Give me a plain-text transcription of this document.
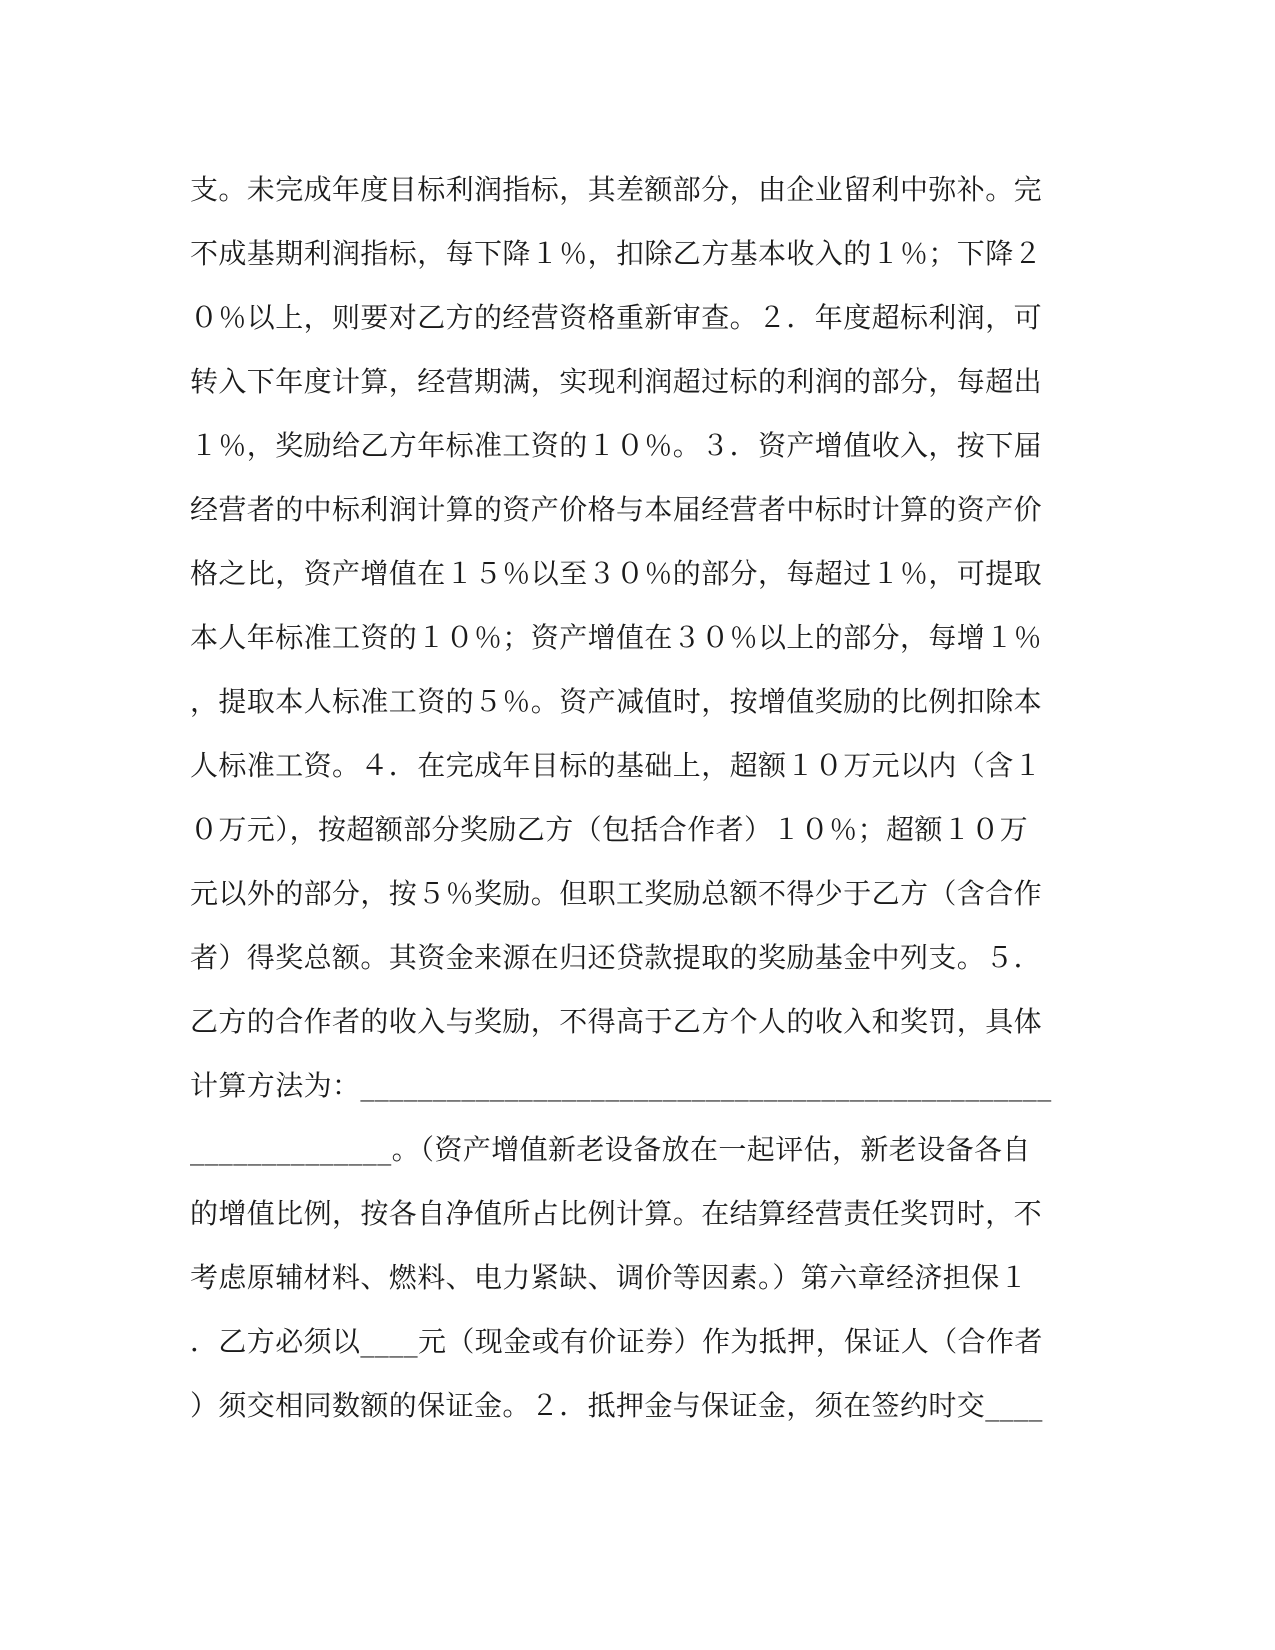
支。未完成年度目标利润指标，其差额部分，由企业留利中弥补。完
不成基期利润指标，每下降１％，扣除乙方基本收入的１％；下降２
０％以上，则要对乙方的经营资格重新审查。２．年度超标利润，可
转入下年度计算，经营期满，实现利润超过标的利润的部分，每超出
１％，奖励给乙方年标准工资的１０％。３．资产增值收入，按下届
经营者的中标利润计算的资产价格与本届经营者中标时计算的资产价
格之比，资产增值在１５％以至３０％的部分，每超过１％，可提取
本人年标准工资的１０％；资产增值在３０％以上的部分，每增１％
，提取本人标准工资的５％。资产减值时，按增值奖励的比例扣除本
人标准工资。４．在完成年目标的基础上，超额１０万元以内（含１
０万元），按超额部分奖励乙方（包括合作者）１０％；超额１０万
元以外的部分，按５％奖励。但职工奖励总额不得少于乙方（含合作
者）得奖总额。其资金来源在归还贷款提取的奖励基金中列支。５．
乙方的合作者的收入与奖励，不得高于乙方个人的收入和奖罚，具体
计算方法为：________________________________________________
______________。（资产增值新老设备放在一起评估，新老设备各自
的增值比例，按各自净值所占比例计算。在结算经营责任奖罚时，不
考虑原辅材料、燃料、电力紧缺、调价等因素。）第六章经济担保１
．乙方必须以____元（现金或有价证券）作为抵押，保证人（合作者
）须交相同数额的保证金。２．抵押金与保证金，须在签约时交____
